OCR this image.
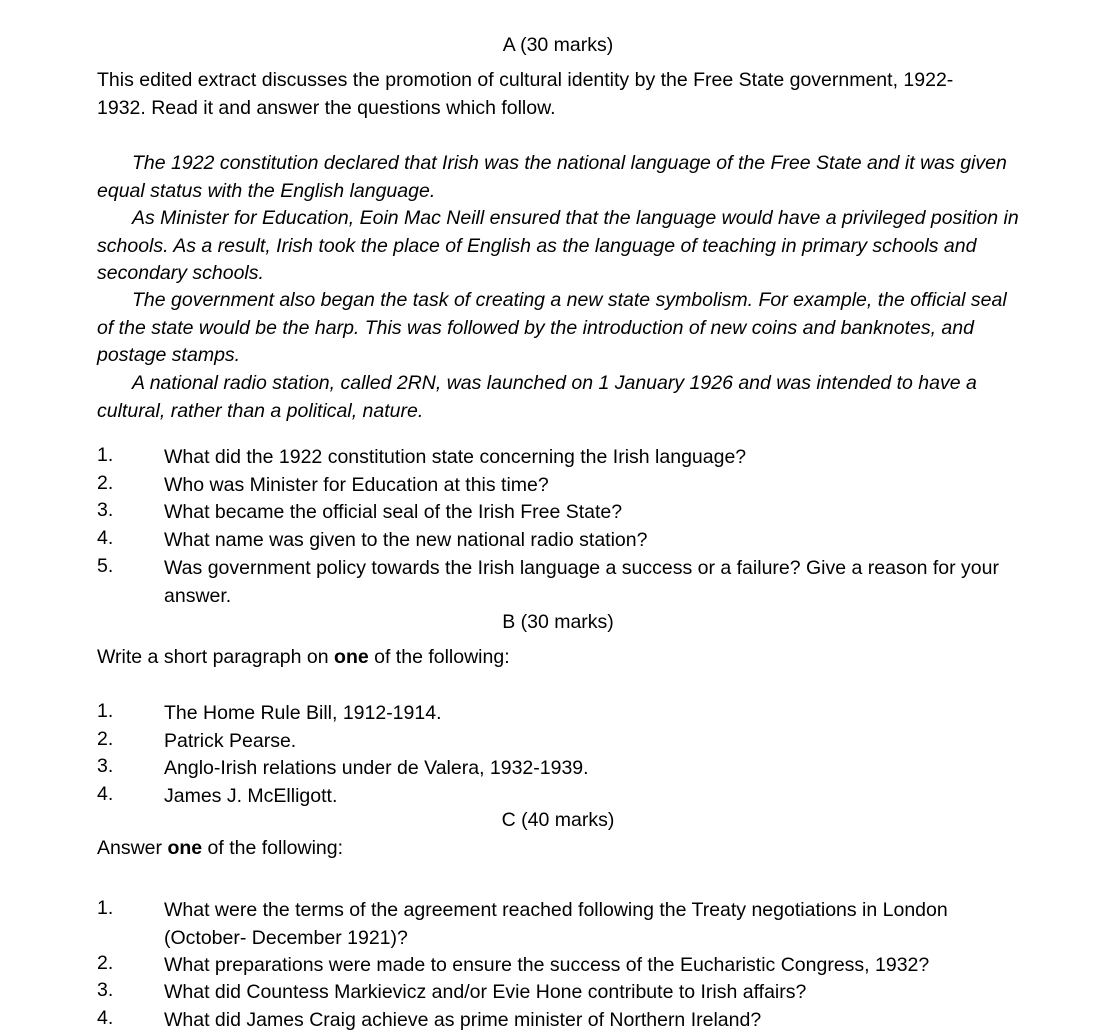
A (30 marks)
This edited extract discusses the promotion of cultural identity by the Free State government, 1922-
1932. Read it and answer the questions which follow.
The 1922 constitution declared that Irish was the national language of the Free State and it was given equal status with the English language.
As Minister for Education, Eoin Mac Neill ensured that the language would have a privileged position in schools. As a result, Irish took the place of English as the language of teaching in primary schools and secondary schools.
The government also began the task of creating a new state symbolism. For example, the official seal of the state would be the harp. This was followed by the introduction of new coins and banknotes, and postage stamps.
A national radio station, called 2RN, was launched on 1 January 1926 and was intended to have a cultural, rather than a political, nature.
1.	What did the 1922 constitution state concerning the Irish language?
2.	Who was Minister for Education at this time?
3.	What became the official seal of the Irish Free State?
4.	What name was given to the new national radio station?
5.	Was government policy towards the Irish language a success or a failure? Give a reason for your answer.
B (30 marks)
Write a short paragraph on one of the following:
1.	The Home Rule Bill, 1912-1914.
2.	Patrick Pearse.
3.	Anglo-Irish relations under de Valera, 1932-1939.
4.	James J. McElligott.
C (40 marks)
Answer one of the following:
1.	What were the terms of the agreement reached following the Treaty negotiations in London (October- December 1921)?
2.	What preparations were made to ensure the success of the Eucharistic Congress, 1932?
3.	What did Countess Markievicz and/or Evie Hone contribute to Irish affairs?
4.	What did James Craig achieve as prime minister of Northern Ireland?
